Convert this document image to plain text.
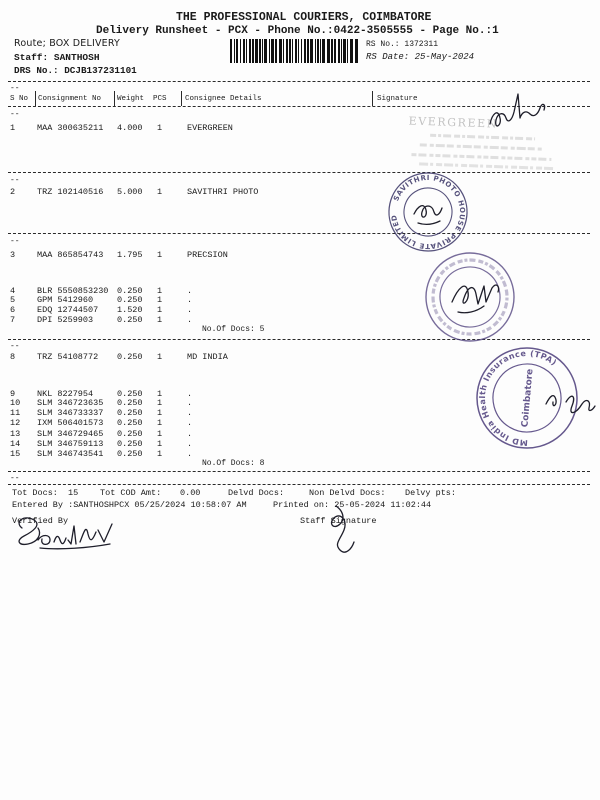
THE PROFESSIONAL COURIERS, COIMBATORE
Delivery Runsheet - PCX - Phone No.:0422-3505555 - Page No.:1
Route; BOX DELIVERY
Staff: SANTHOSH
DRS No.: DCJB137231101
RS No.: 1372311
RS Date: 25-May-2024
--
S No Consignment No Weight PCS Consignee Details	Signature
--
--
--
No.Of Docs: 5
--
No.Of Docs: 8
--
Tot Docs: 15	Tot COD Amt: 0.00	Delvd Docs:	Non Delvd Docs: Delvy pts:
Entered By :SANTHOSHPCX 05/25/2024 10:58:07 AM	Printed on: 25-05-2024 11:02:44
Verified By	Staff Signature
1	MAA 300635211 4.000 1	EVERGREEN
2	TRZ 102140516 5.000 1	SAVITHRI PHOTO
3	MAA 865854743 1.795 1	PRECSION
4	BLR 5550853230 0.250 1	.
5	GPM 5412960	0.250 1	.
6	EDQ 12744507 1.520 1	.
7	DPI 5259903	0.250 1	.
8	TRZ 54108772 0.250 1	MD INDIA
9	NKL 8227954	0.250 1	.
10 SLM 346723635 0.250 1	.
11 SLM 346733337 0.250 1	.
12 IXM 506401573 0.250 1	.
13 SLM 346729465 0.250 1	.
14 SLM 346759113 0.250 1	.
15 SLM 346743541 0.250 1	.
EVERGREEN
SAVITHRI PHOTO HOUSE PRIVATE LIMITED
MD India Health Insurance (TPA)
Coimbatore
